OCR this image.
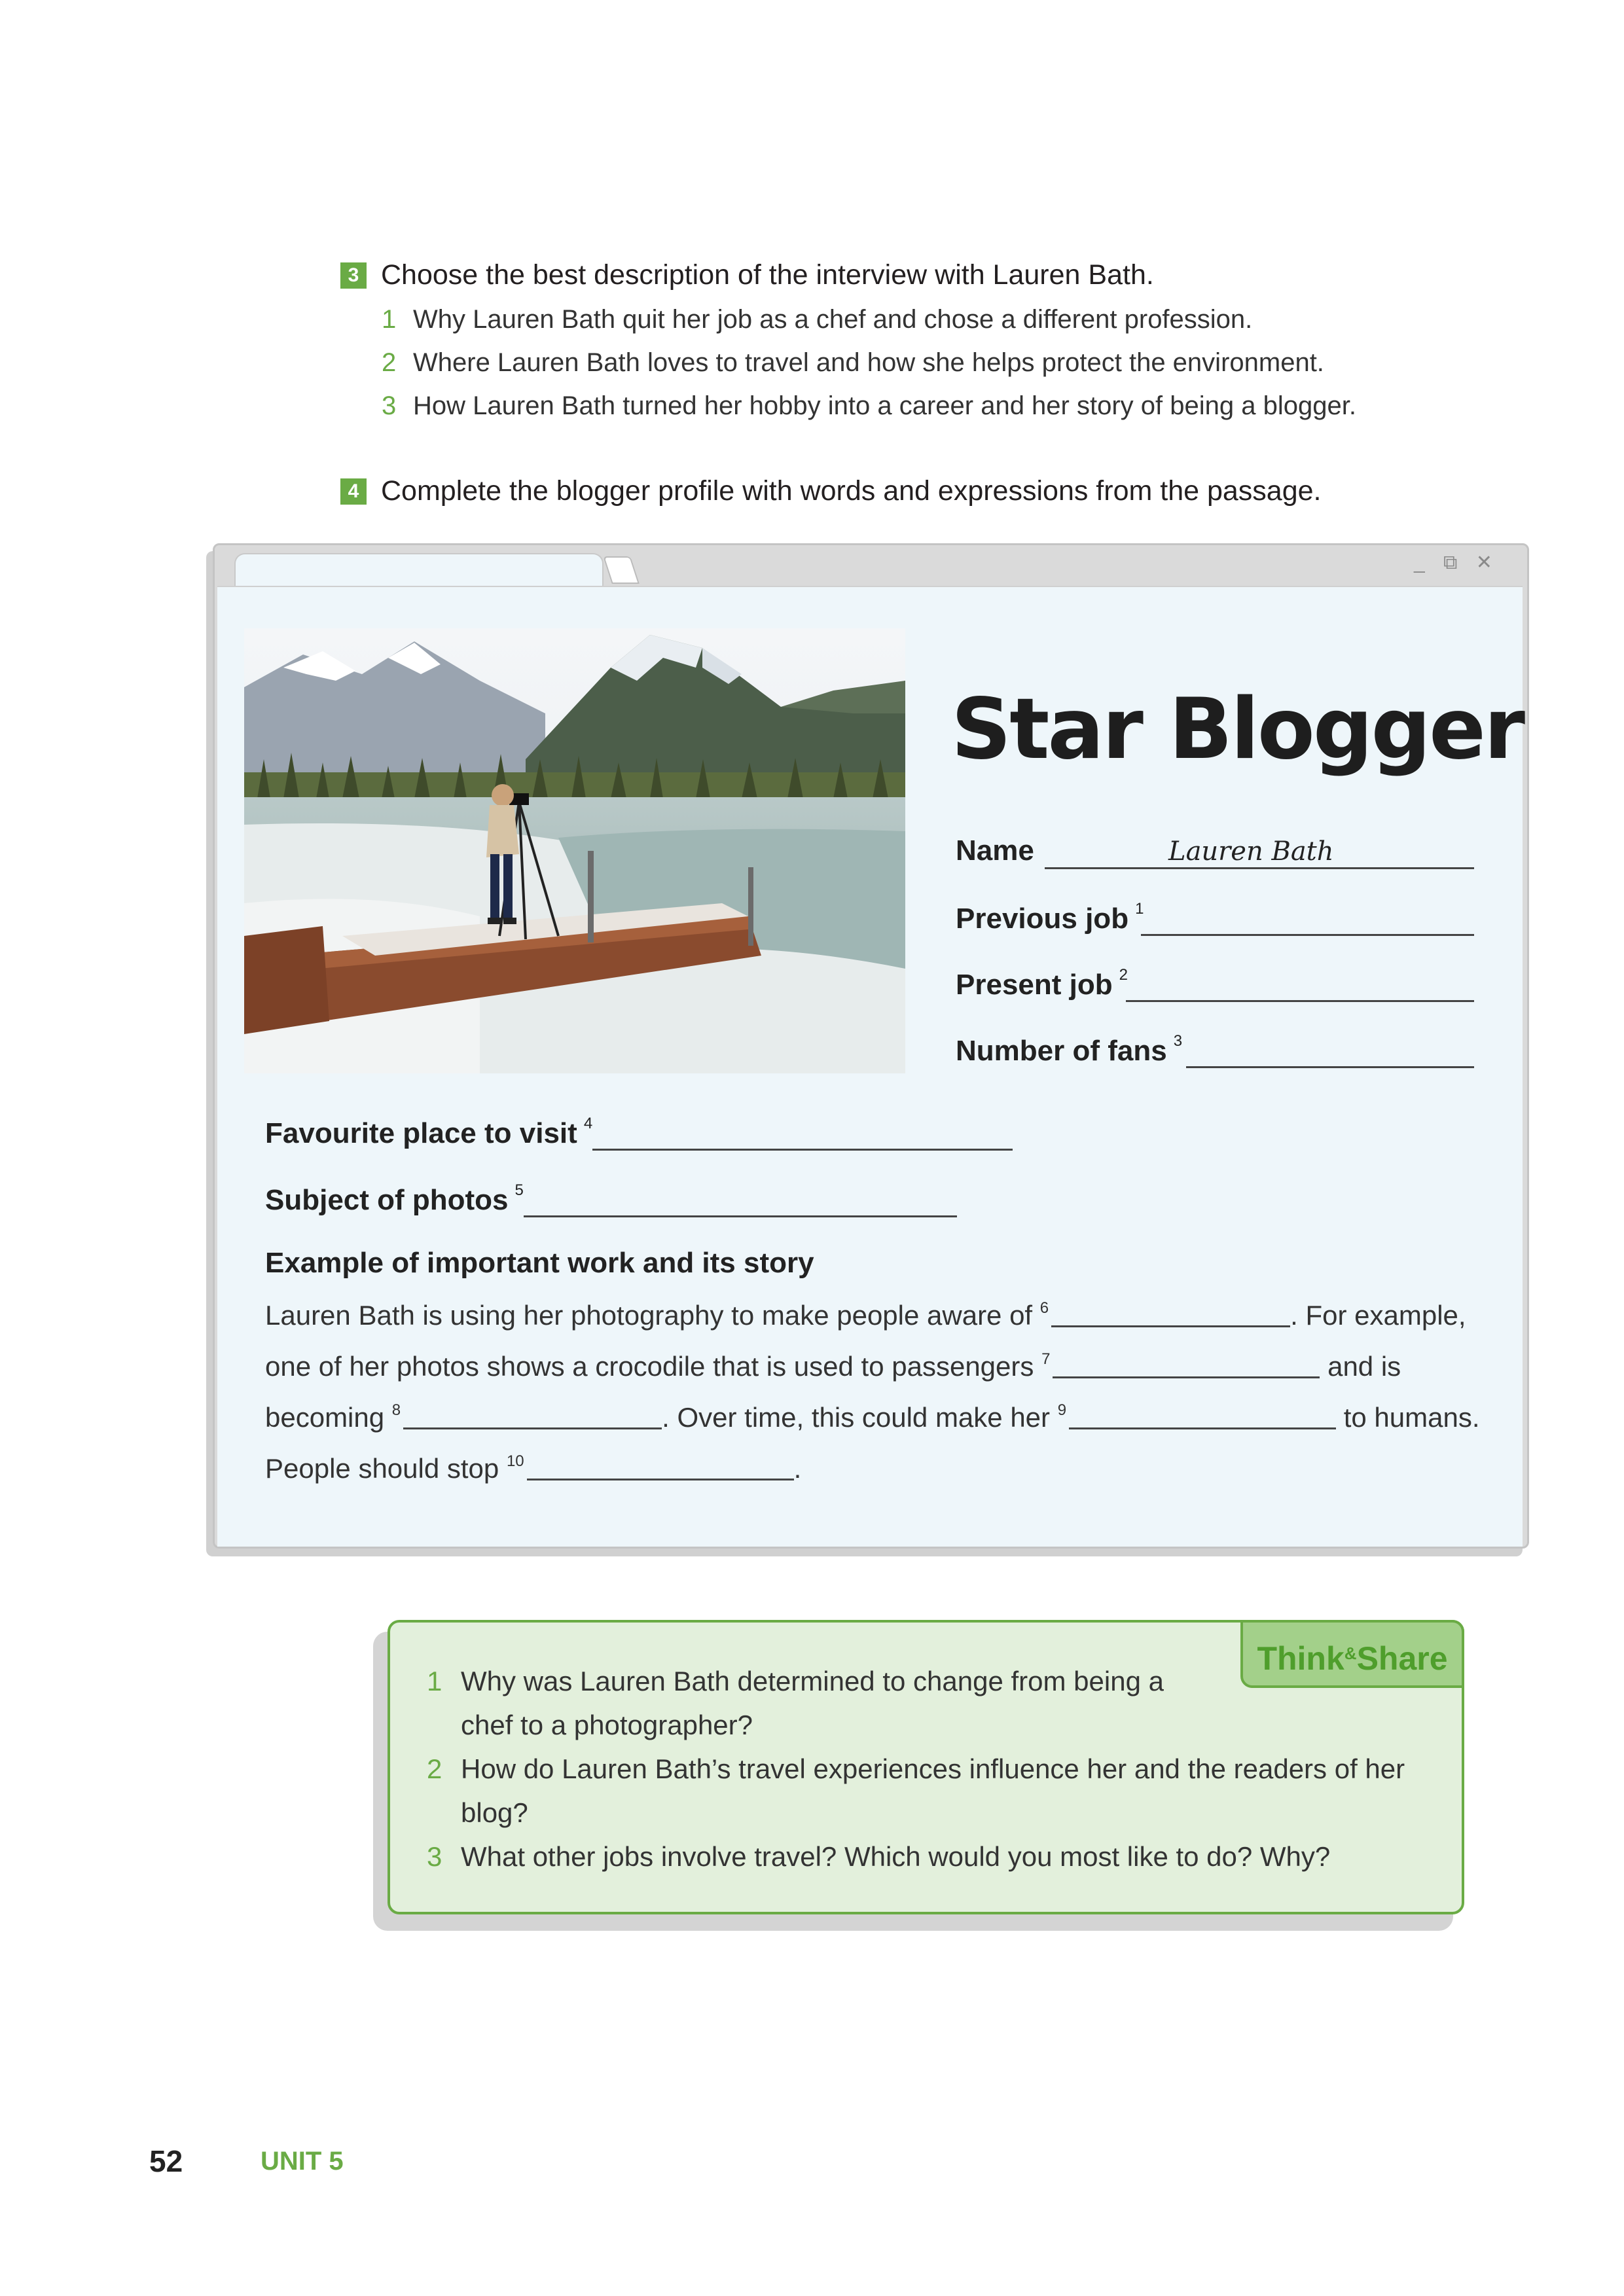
3 Choose the best description of the interview with Lauren Bath.
1 Why Lauren Bath quit her job as a chef and chose a different profession.
2 Where Lauren Bath loves to travel and how she helps protect the environment.
3 How Lauren Bath turned her hobby into a career and her story of being a blogger.
4 Complete the blogger profile with words and expressions from the passage.
_ ⧉ ✕
Star Blogger
Name	Lauren Bath
Previous job $^1$
Present job $^2$
Number of fans $^3$
Favourite place to visit $^4$
Subject of photos $^5$
Example of important work and its story
Lauren Bath is using her photography to make people aware of $^6$	. For example,
one of her photos shows a crocodile that is used to passengers $^7$	and is
becoming $^8$	. Over time, this could make her $^9$	to humans.
People should stop $^{10}$	.
Think&Share
1 Why was Lauren Bath determined to change from being a chef to a photographer?
2 How do Lauren Bath’s travel experiences influence her and the readers of her blog?
3 What other jobs involve travel? Which would you most like to do? Why?
52	UNIT 5
